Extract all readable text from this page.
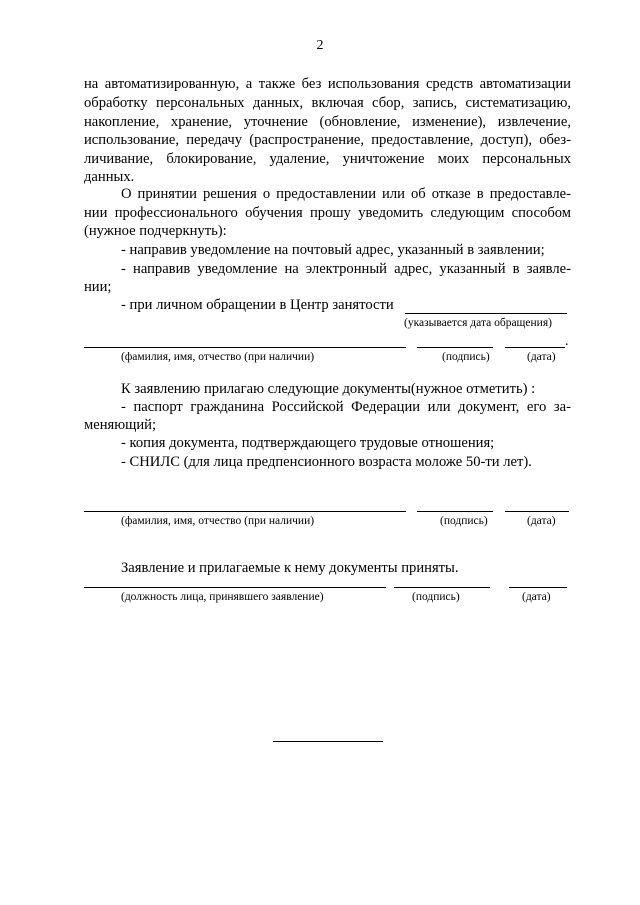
2
на автоматизированную, а также без использования средств автоматизации
обработку персональных данных, включая сбор, запись, систематизацию,
накопление, хранение, уточнение (обновление, изменение), извлечение,
использование, передачу (распространение, предоставление, доступ), обез-
личивание, блокирование, удаление, уничтожение моих персональных
данных.
О принятии решения о предоставлении или об отказе в предоставле-
нии профессионального обучения прошу уведомить следующим способом
(нужное подчеркнуть):
- направив уведомление на почтовый адрес, указанный в заявлении;
- направив уведомление на электронный адрес, указанный в заявле-
нии;
- при личном обращении в Центр занятости
(указывается дата обращения)
.
(фамилия, имя, отчество (при наличии)	(подпись)	(дата)
К заявлению прилагаю следующие документы(нужное отметить) :
- паспорт гражданина Российской Федерации или документ, его за-
меняющий;
- копия документа, подтверждающего трудовые отношения;
- СНИЛС (для лица предпенсионного возраста моложе 50-ти лет).
(фамилия, имя, отчество (при наличии)	(подпись)	(дата)
Заявление и прилагаемые к нему документы приняты.
(должность лица, принявшего заявление)	(подпись)	(дата)
